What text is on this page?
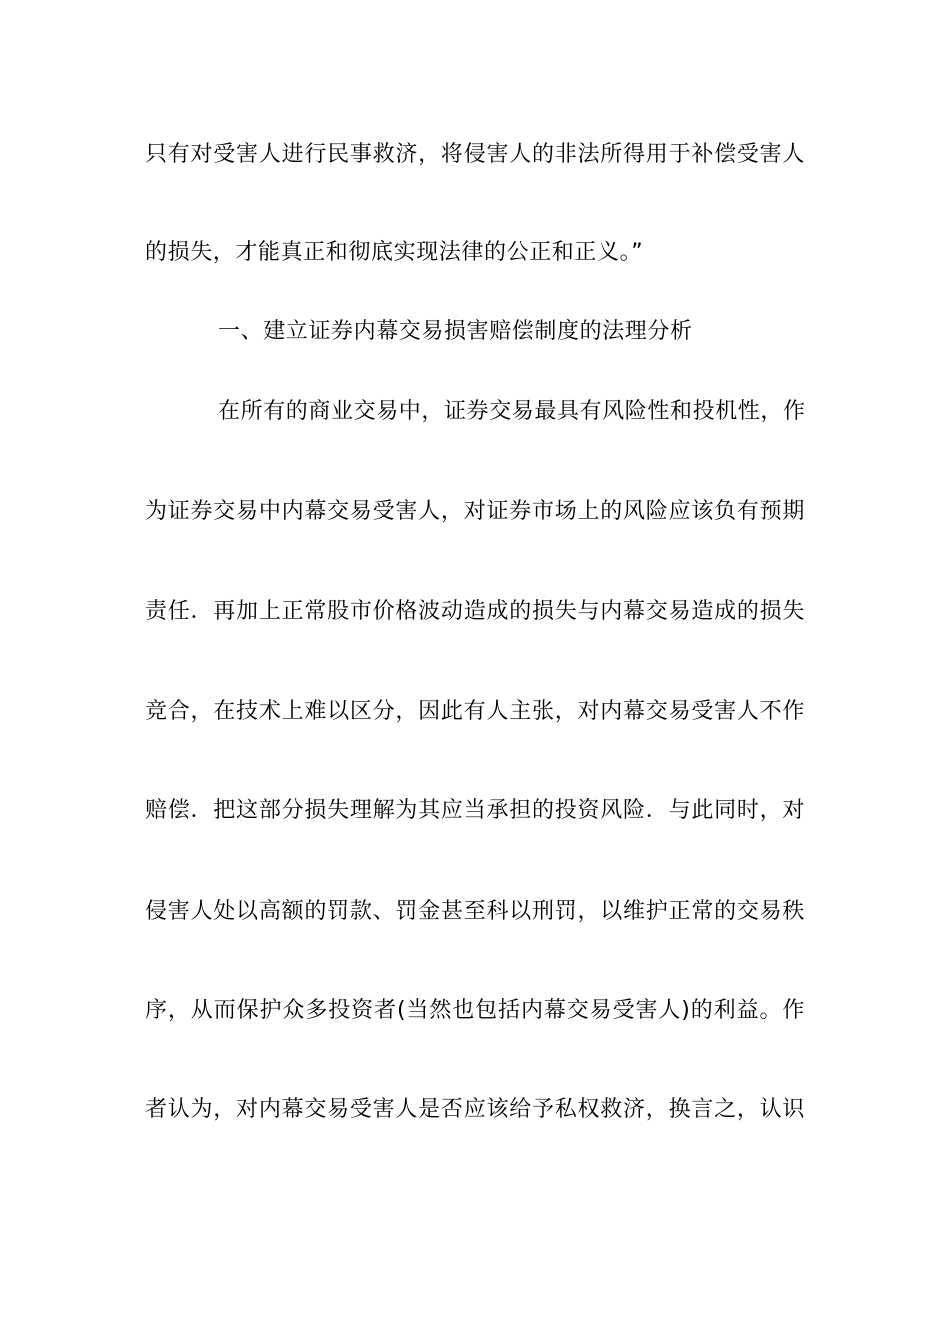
只有对受害人进行民事救济，将侵害人的非法所得用于补偿受害人
的损失，才能真正和彻底实现法律的公正和正义。”
一、建立证券内幕交易损害赔偿制度的法理分析
在所有的商业交易中，证券交易最具有风险性和投机性，作
为证券交易中内幕交易受害人，对证券市场上的风险应该负有预期
责任．再加上正常股市价格波动造成的损失与内幕交易造成的损失
竞合，在技术上难以区分，因此有人主张，对内幕交易受害人不作
赔偿．把这部分损失理解为其应当承担的投资风险．与此同时，对
侵害人处以高额的罚款、罚金甚至科以刑罚，以维护正常的交易秩
序，从而保护众多投资者(当然也包括内幕交易受害人)的利益。作
者认为，对内幕交易受害人是否应该给予私权救济，换言之，认识
